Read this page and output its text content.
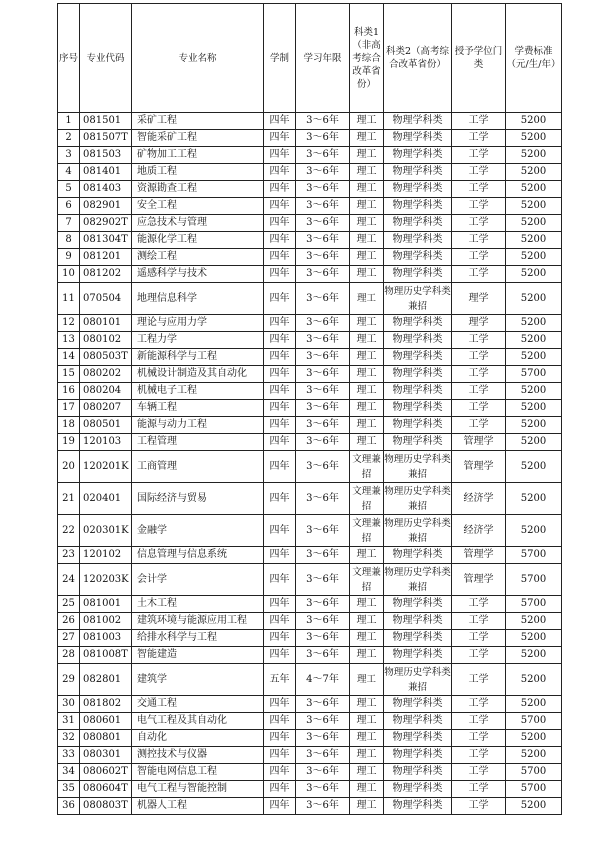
序号	专业代码	专业名称	学制	学习年限	科类1（非高考综合改革省份）	科类2（高考综合改革省份）	授予学位门类	学费标准（元/生/年）
1	081501	采矿工程	四年	3～6年	理工	物理学科类	工学	5200
2	081507T	智能采矿工程	四年	3～6年	理工	物理学科类	工学	5200
3	081503	矿物加工工程	四年	3～6年	理工	物理学科类	工学	5200
4	081401	地质工程	四年	3～6年	理工	物理学科类	工学	5200
5	081403	资源勘查工程	四年	3～6年	理工	物理学科类	工学	5200
6	082901	安全工程	四年	3～6年	理工	物理学科类	工学	5200
7	082902T	应急技术与管理	四年	3～6年	理工	物理学科类	工学	5200
8	081304T	能源化学工程	四年	3～6年	理工	物理学科类	工学	5200
9	081201	测绘工程	四年	3～6年	理工	物理学科类	工学	5200
10	081202	遥感科学与技术	四年	3～6年	理工	物理学科类	工学	5200
11	070504	地理信息科学	四年	3～6年	理工	物理历史学科类兼招	理学	5200
12	080101	理论与应用力学	四年	3～6年	理工	物理学科类	理学	5200
13	080102	工程力学	四年	3～6年	理工	物理学科类	工学	5200
14	080503T	新能源科学与工程	四年	3～6年	理工	物理学科类	工学	5200
15	080202	机械设计制造及其自动化	四年	3～6年	理工	物理学科类	工学	5700
16	080204	机械电子工程	四年	3～6年	理工	物理学科类	工学	5200
17	080207	车辆工程	四年	3～6年	理工	物理学科类	工学	5200
18	080501	能源与动力工程	四年	3～6年	理工	物理学科类	工学	5200
19	120103	工程管理	四年	3～6年	理工	物理学科类	管理学	5200
20	120201K	工商管理	四年	3～6年	文理兼招	物理历史学科类兼招	管理学	5200
21	020401	国际经济与贸易	四年	3～6年	文理兼招	物理历史学科类兼招	经济学	5200
22	020301K	金融学	四年	3～6年	文理兼招	物理历史学科类兼招	经济学	5200
23	120102	信息管理与信息系统	四年	3～6年	理工	物理学科类	管理学	5700
24	120203K	会计学	四年	3～6年	文理兼招	物理历史学科类兼招	管理学	5700
25	081001	土木工程	四年	3～6年	理工	物理学科类	工学	5700
26	081002	建筑环境与能源应用工程	四年	3～6年	理工	物理学科类	工学	5200
27	081003	给排水科学与工程	四年	3～6年	理工	物理学科类	工学	5200
28	081008T	智能建造	四年	3～6年	理工	物理学科类	工学	5200
29	082801	建筑学	五年	4～7年	理工	物理历史学科类兼招	工学	5200
30	081802	交通工程	四年	3～6年	理工	物理学科类	工学	5200
31	080601	电气工程及其自动化	四年	3～6年	理工	物理学科类	工学	5700
32	080801	自动化	四年	3～6年	理工	物理学科类	工学	5200
33	080301	测控技术与仪器	四年	3～6年	理工	物理学科类	工学	5200
34	080602T	智能电网信息工程	四年	3～6年	理工	物理学科类	工学	5700
35	080604T	电气工程与智能控制	四年	3～6年	理工	物理学科类	工学	5700
36	080803T	机器人工程	四年	3～6年	理工	物理学科类	工学	5200
